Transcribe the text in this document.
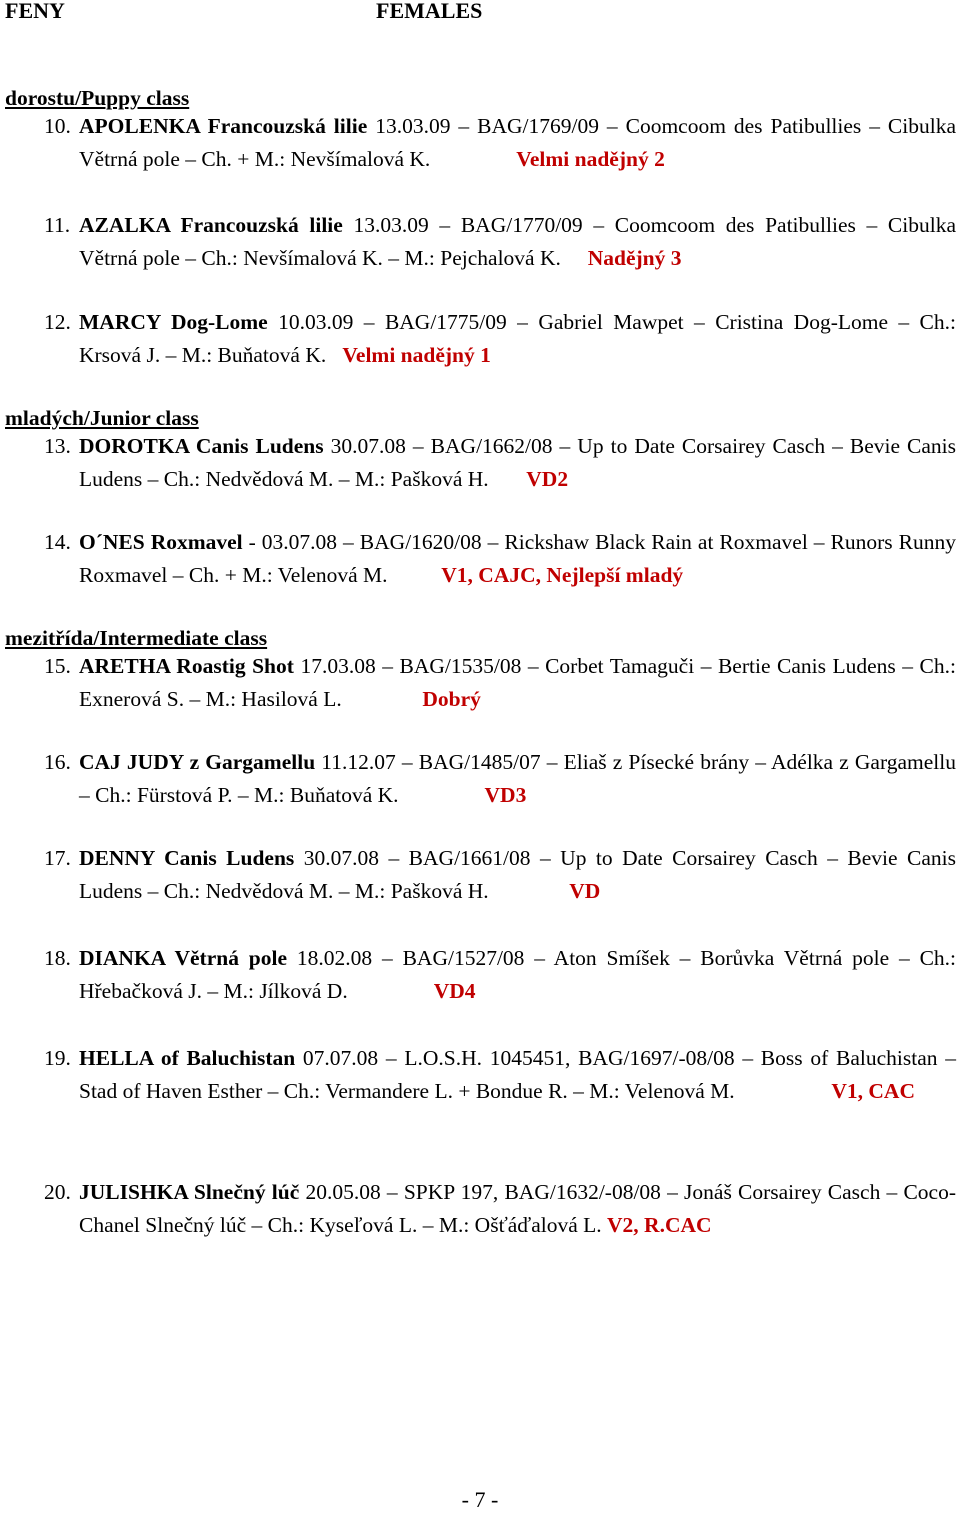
FENY	FEMALES
dorostu/Puppy class
10. APOLENKA Francouzská lilie 13.03.09 – BAG/1769/09 – Coomcoom des Patibullies – Cibulka Větrná pole – Ch. + M.: Nevšímalová K.	Velmi nadějný 2
11. AZALKA Francouzská lilie 13.03.09 – BAG/1770/09 – Coomcoom des Patibullies – Cibulka Větrná pole – Ch.: Nevšímalová K. – M.: Pejchalová K. Nadějný 3
12. MARCY Dog-Lome 10.03.09 – BAG/1775/09 – Gabriel Mawpet – Cristina Dog-Lome – Ch.: Krsová J. – M.: Buňatová K. Velmi nadějný 1
mladých/Junior class
13. DOROTKA Canis Ludens 30.07.08 – BAG/1662/08 – Up to Date Corsairey Casch – Bevie Canis Ludens – Ch.: Nedvědová M. – M.: Pašková H. VD2
14. O´NES Roxmavel - 03.07.08 – BAG/1620/08 – Rickshaw Black Rain at Roxmavel – Runors Runny Roxmavel – Ch. + M.: Velenová M.	V1, CAJC, Nejlepší mladý
mezitřída/Intermediate class
15. ARETHA Roastig Shot 17.03.08 – BAG/1535/08 – Corbet Tamaguči – Bertie Canis Ludens – Ch.: Exnerová S. – M.: Hasilová L.	Dobrý
16. CAJ JUDY z Gargamellu 11.12.07 – BAG/1485/07 – Eliaš z Písecké brány – Adélka z Gargamellu – Ch.: Fürstová P. – M.: Buňatová K.	VD3
17. DENNY Canis Ludens 30.07.08 – BAG/1661/08 – Up to Date Corsairey Casch – Bevie Canis Ludens – Ch.: Nedvědová M. – M.: Pašková H.	VD
18. DIANKA Větrná pole 18.02.08 – BAG/1527/08 – Aton Smíšek – Borůvka Větrná pole – Ch.: Hřebačková J. – M.: Jílková D.	VD4
19. HELLA of Baluchistan 07.07.08 – L.O.S.H. 1045451, BAG/1697/-08/08 – Boss of Baluchistan – Stad of Haven Esther – Ch.: Vermandere L. + Bondue R. – M.: Velenová M.	V1, CAC
20. JULISHKA Slnečný lúč 20.05.08 – SPKP 197, BAG/1632/-08/08 – Jonáš Corsairey Casch – Coco-Chanel Slnečný lúč – Ch.: Kyseľová L. – M.: Ošťáďalová L. V2, R.CAC
- 7 -
